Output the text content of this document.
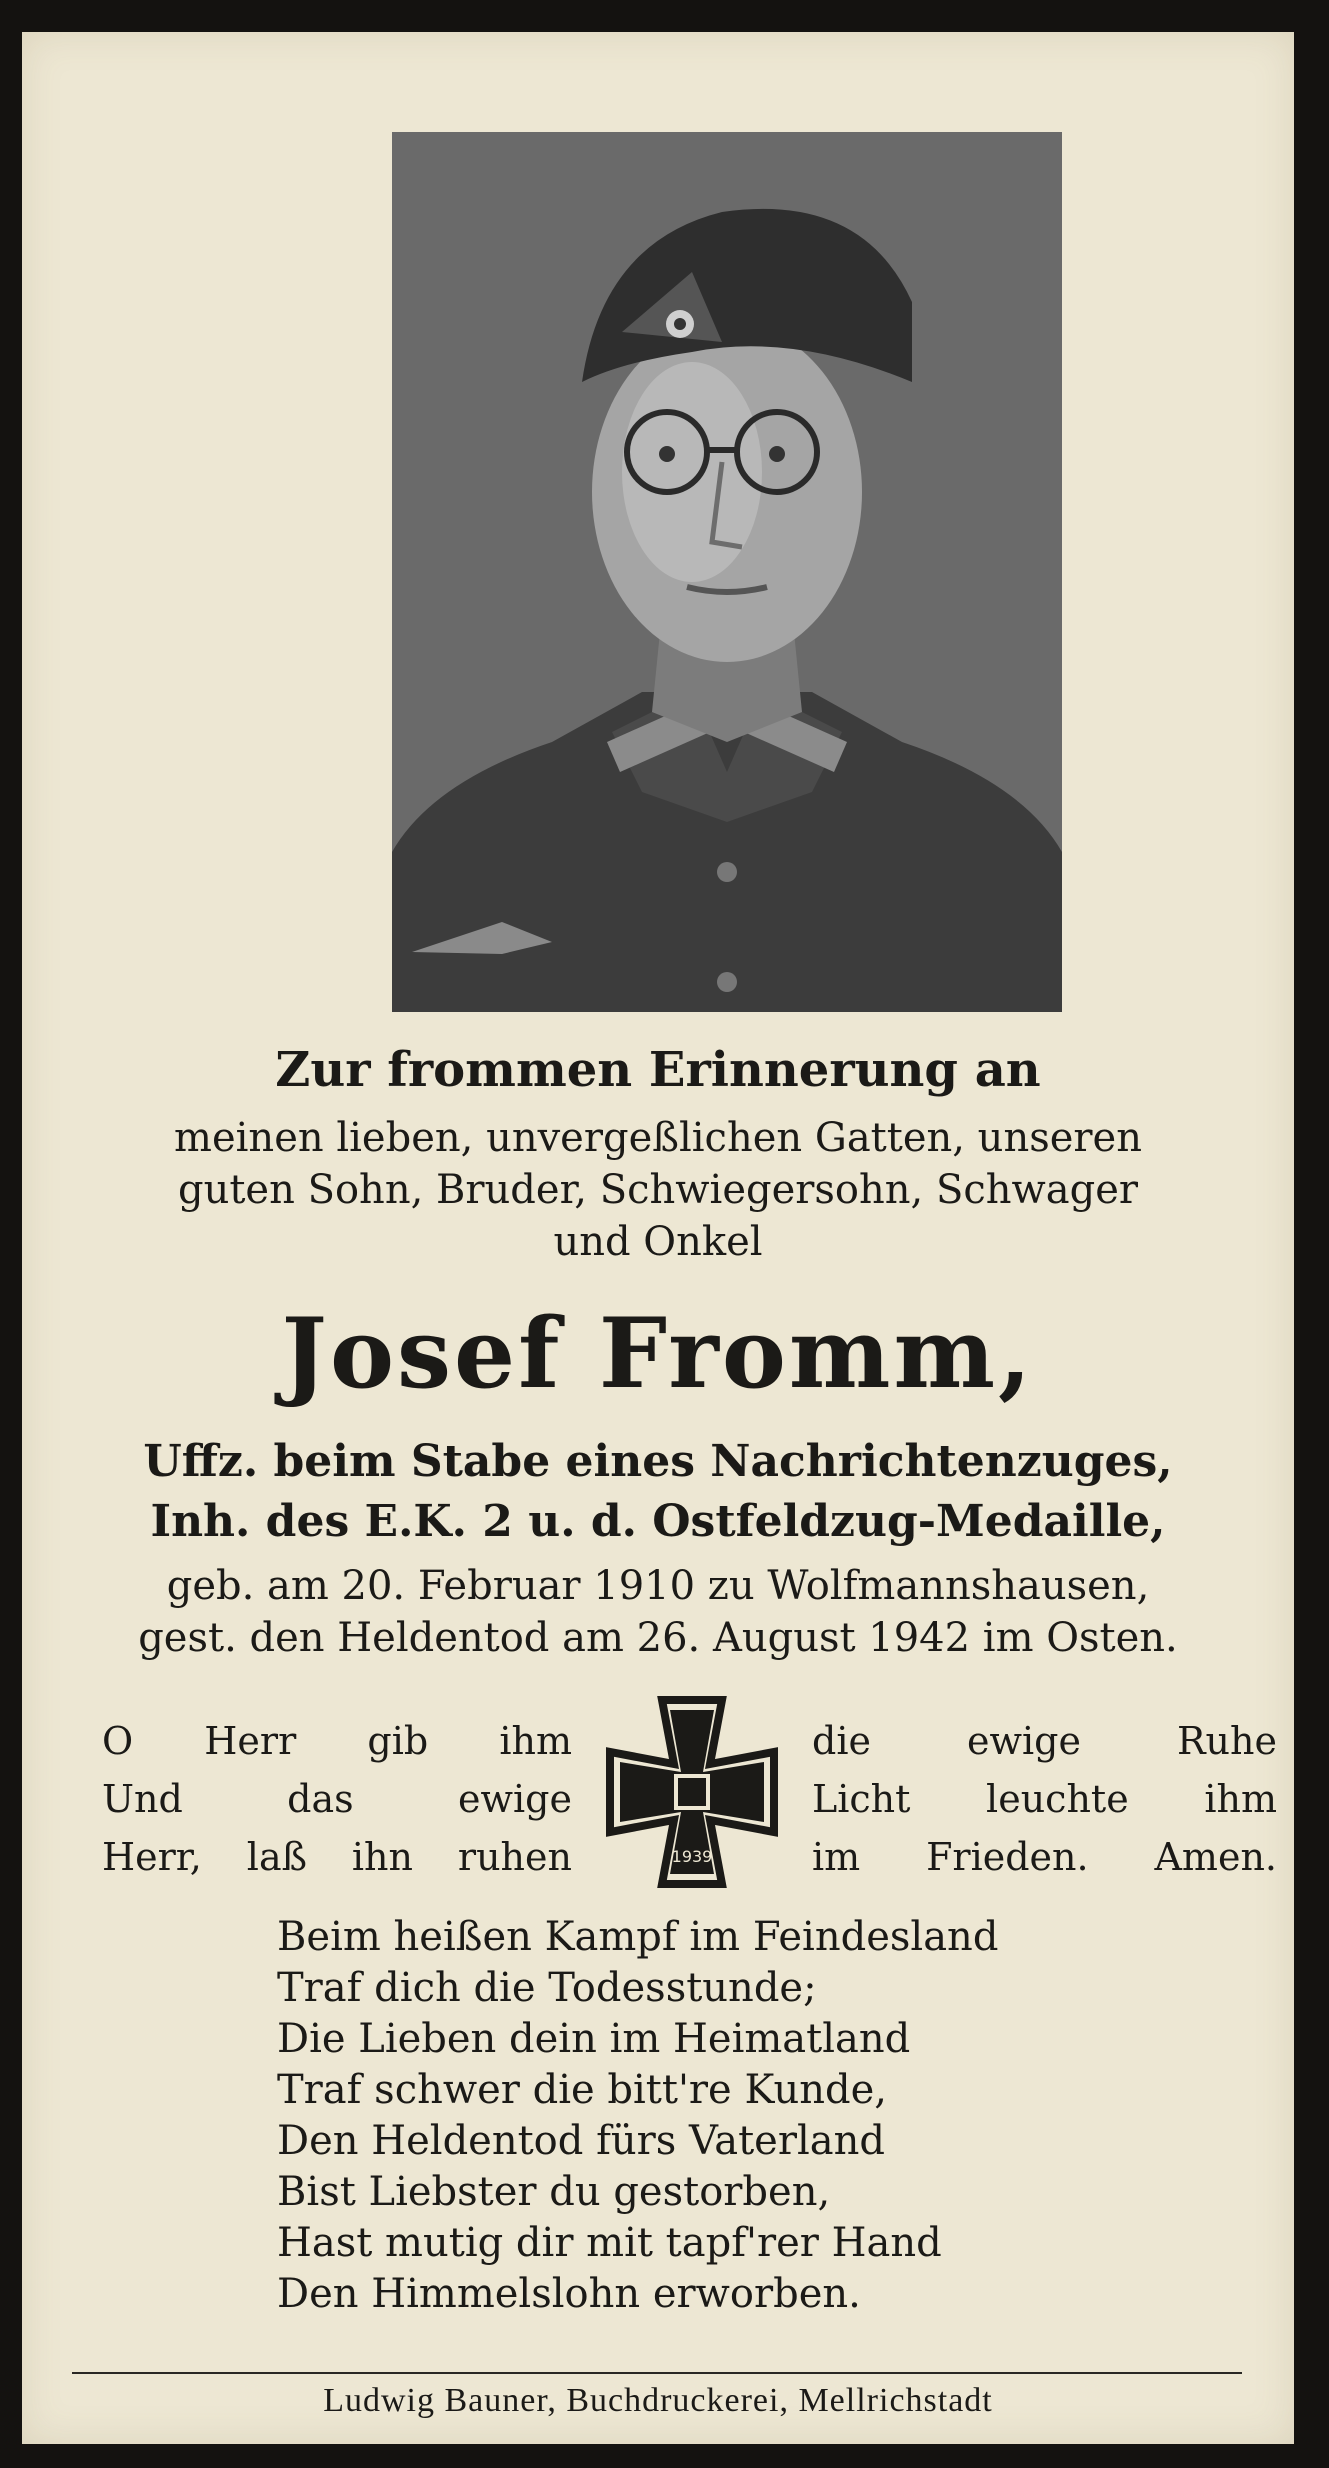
Zur frommen Erinnerung an
meinen lieben, unvergeßlichen Gatten, unseren
guten Sohn, Bruder, Schwiegersohn, Schwager
und Onkel
Josef Fromm,
Uffz. beim Stabe eines Nachrichtenzuges,
Inh. des E.K. 2 u. d. Ostfeldzug-Medaille,
geb. am 20. Februar 1910 zu Wolfmannshausen,
gest. den Heldentod am 26. August 1942 im Osten.
O Herr gib ihm
Und das ewige
Herr, laß ihn ruhen	1939
die ewige Ruhe
Licht leuchte ihm
im Frieden. Amen.
Beim heißen Kampf im Feindesland
Traf dich die Todesstunde;
Die Lieben dein im Heimatland
Traf schwer die bitt're Kunde,
Den Heldentod fürs Vaterland
Bist Liebster du gestorben,
Hast mutig dir mit tapf'rer Hand
Den Himmelslohn erworben.
Ludwig Bauner, Buchdruckerei, Mellrichstadt
